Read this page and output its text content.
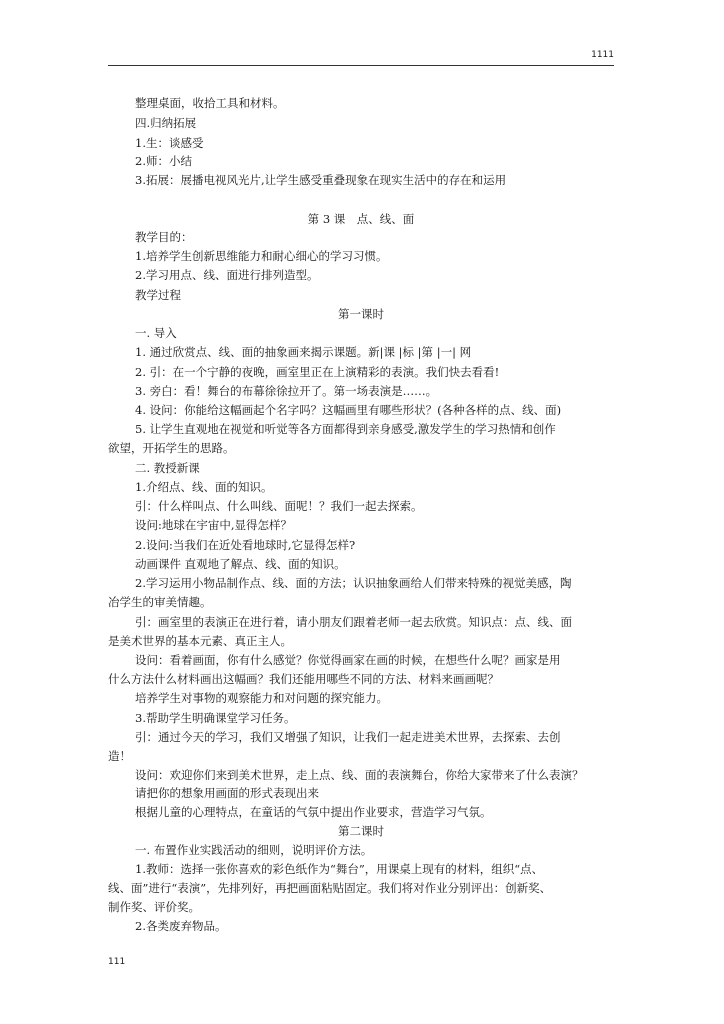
1111
整理桌面，收拾工具和材料。
四.归纳拓展
1.生：谈感受
2.师：小结
3.拓展：展播电视风光片,让学生感受重叠现象在现实生活中的存在和运用
第 3 课　点、线、面
教学目的：
1.培养学生创新思维能力和耐心细心的学习习惯。
2.学习用点、线、面进行排列造型。
教学过程
第一课时
一. 导入
1. 通过欣赏点、线、面的抽象画来揭示课题。新|课 |标 |第 |一| 网
2. 引：在一个宁静的夜晚，画室里正在上演精彩的表演。我们快去看看!
3. 旁白：看！舞台的布幕徐徐拉开了。第一场表演是……。
4. 设问：你能给这幅画起个名字吗？这幅画里有哪些形状？(各种各样的点、线、面)
5. 让学生直观地在视觉和听觉等各方面都得到亲身感受,激发学生的学习热情和创作
欲望，开拓学生的思路。
二. 教授新课
1.介绍点、线、面的知识。
引：什么样叫点、什么叫线、面呢！？我们一起去探索。
设问:地球在宇宙中,显得怎样？
2.设问:当我们在近处看地球时,它显得怎样?
动画课件 直观地了解点、线、面的知识。
2.学习运用小物品制作点、线、面的方法；认识抽象画给人们带来特殊的视觉美感，陶
冶学生的审美情趣。
引：画室里的表演正在进行着，请小朋友们跟着老师一起去欣赏。知识点：点、线、面
是美术世界的基本元素、真正主人。
设问：看着画面，你有什么感觉？你觉得画家在画的时候，在想些什么呢？画家是用
什么方法什么材料画出这幅画？我们还能用哪些不同的方法、材料来画画呢？
培养学生对事物的观察能力和对问题的探究能力。
3.帮助学生明确课堂学习任务。
引：通过今天的学习，我们又增强了知识，让我们一起走进美术世界，去探索、去创
造！
设问：欢迎你们来到美术世界，走上点、线、面的表演舞台，你给大家带来了什么表演？
请把你的想象用画面的形式表现出来
根据儿童的心理特点，在童话的气氛中提出作业要求，营造学习气氛。
第二课时
一. 布置作业实践活动的细则，说明评价方法。
1.教师：选择一张你喜欢的彩色纸作为“舞台”，用课桌上现有的材料，组织“点、
线、面”进行“表演”，先排列好，再把画面粘贴固定。我们将对作业分别评出：创新奖、
制作奖、评价奖。
2.各类废弃物品。
111
